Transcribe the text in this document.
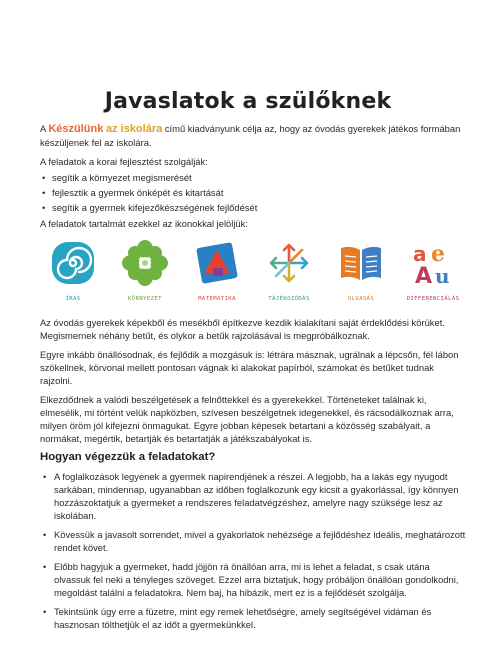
Javaslatok a szülőknek

A Készülünk az iskolára című kiadványunk célja az, hogy az óvodás gyerekek játékos formában készüljenek fel az iskolára.

A feladatok a korai fejlesztést szolgálják:

• segítik a környezet megismerését
• fejlesztik a gyermek önképét és kitartását
• segítik a gyermek kifejezőkészségének fejlődését

A feladatok tartalmát ezekkel az ikonokkal jelöljük:

ÍRÁS	KÖRNYEZET	MATEMATIKA	TÁJÉKOZÓDÁS	OLVASÁS
a e
A u
DIFFERENCIÁLÁS

Az óvodás gyerekek képekből és mesékből építkezve kezdik kialakítani saját érdeklődési körüket. Megismernek néhány betűt, és olykor a betűk rajzolásával is megpróbálkoznak.

Egyre inkább önállósodnak, és fejlődik a mozgásuk is: létrára másznak, ugrálnak a lépcsőn, fél lábon szökellnek, körvonal mellett pontosan vágnak ki alakokat papírból, számokat és betűket tudnak rajzolni.

Elkezdődnek a valódi beszélgetések a felnőttekkel és a gyerekekkel. Történeteket találnak ki, elmesélik, mi történt velük napközben, szívesen beszélgetnek idegenekkel, és rácsodálkoznak arra, milyen öröm jól kifejezni önmagukat. Egyre jobban képesek betartani a közösség szabályait, a normákat, megértik, betartják és betartatják a játékszabályokat is.

Hogyan végezzük a feladatokat?
• A foglalkozások legyenek a gyermek napirendjének a részei. A legjobb, ha a lakás egy nyugodt sarkában, mindennap, ugyanabban az időben foglalkozunk egy kicsit a gyakorlással, így könnyen hozzászoktatjuk a gyermeket a rendszeres feladatvégzéshez, amelyre nagy szüksége lesz az iskolában.
• Kövessük a javasolt sorrendet, mivel a gyakorlatok nehézsége a fejlődéshez ideális, meghatározott rendet követ.
• Előbb hagyjuk a gyermeket, hadd jöjjön rá önállóan arra, mi is lehet a feladat, s csak utána olvassuk fel neki a tényleges szöveget. Ezzel arra biztatjuk, hogy próbáljon önállóan gondolkodni, megoldást találni a feladatokra. Nem baj, ha hibázik, mert ez is a fejlődését szolgálja.
• Tekintsünk úgy erre a füzetre, mint egy remek lehetőségre, amely segítségével vidáman és hasznosan tölthetjük el az időt a gyermekünkkel.
